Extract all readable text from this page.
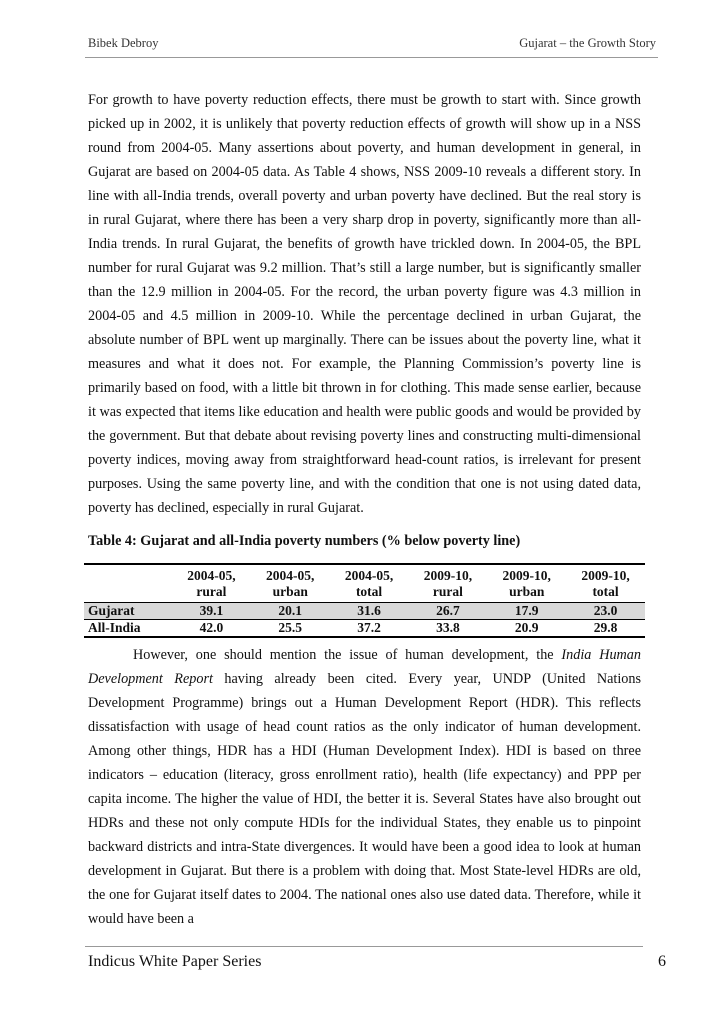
Bibek Debroy	Gujarat – the Growth Story
For growth to have poverty reduction effects, there must be growth to start with. Since growth picked up in 2002, it is unlikely that poverty reduction effects of growth will show up in a NSS round from 2004-05. Many assertions about poverty, and human development in general, in Gujarat are based on 2004-05 data. As Table 4 shows, NSS 2009-10 reveals a different story. In line with all-India trends, overall poverty and urban poverty have declined. But the real story is in rural Gujarat, where there has been a very sharp drop in poverty, significantly more than all-India trends. In rural Gujarat, the benefits of growth have trickled down. In 2004-05, the BPL number for rural Gujarat was 9.2 million. That’s still a large number, but is significantly smaller than the 12.9 million in 2004-05. For the record, the urban poverty figure was 4.3 million in 2004-05 and 4.5 million in 2009-10. While the percentage declined in urban Gujarat, the absolute number of BPL went up marginally. There can be issues about the poverty line, what it measures and what it does not. For example, the Planning Commission’s poverty line is primarily based on food, with a little bit thrown in for clothing. This made sense earlier, because it was expected that items like education and health were public goods and would be provided by the government. But that debate about revising poverty lines and constructing multi-dimensional poverty indices, moving away from straightforward head-count ratios, is irrelevant for present purposes. Using the same poverty line, and with the condition that one is not using dated data, poverty has declined, especially in rural Gujarat.
Table 4: Gujarat and all-India poverty numbers (% below poverty line)
	2004-05,	2004-05,	2004-05,	2009-10,	2009-10,	2009-10,
	rural	urban	total	rural	urban	total
Gujarat	39.1	20.1	31.6	26.7	17.9	23.0
All-India	42.0	25.5	37.2	33.8	20.9	29.8
However, one should mention the issue of human development, the India Human Development Report having already been cited. Every year, UNDP (United Nations Development Programme) brings out a Human Development Report (HDR). This reflects dissatisfaction with usage of head count ratios as the only indicator of human development. Among other things, HDR has a HDI (Human Development Index). HDI is based on three indicators – education (literacy, gross enrollment ratio), health (life expectancy) and PPP per capita income. The higher the value of HDI, the better it is. Several States have also brought out HDRs and these not only compute HDIs for the individual States, they enable us to pinpoint backward districts and intra-State divergences. It would have been a good idea to look at human development in Gujarat. But there is a problem with doing that. Most State-level HDRs are old, the one for Gujarat itself dates to 2004. The national ones also use dated data. Therefore, while it would have been a
Indicus White Paper Series	6
